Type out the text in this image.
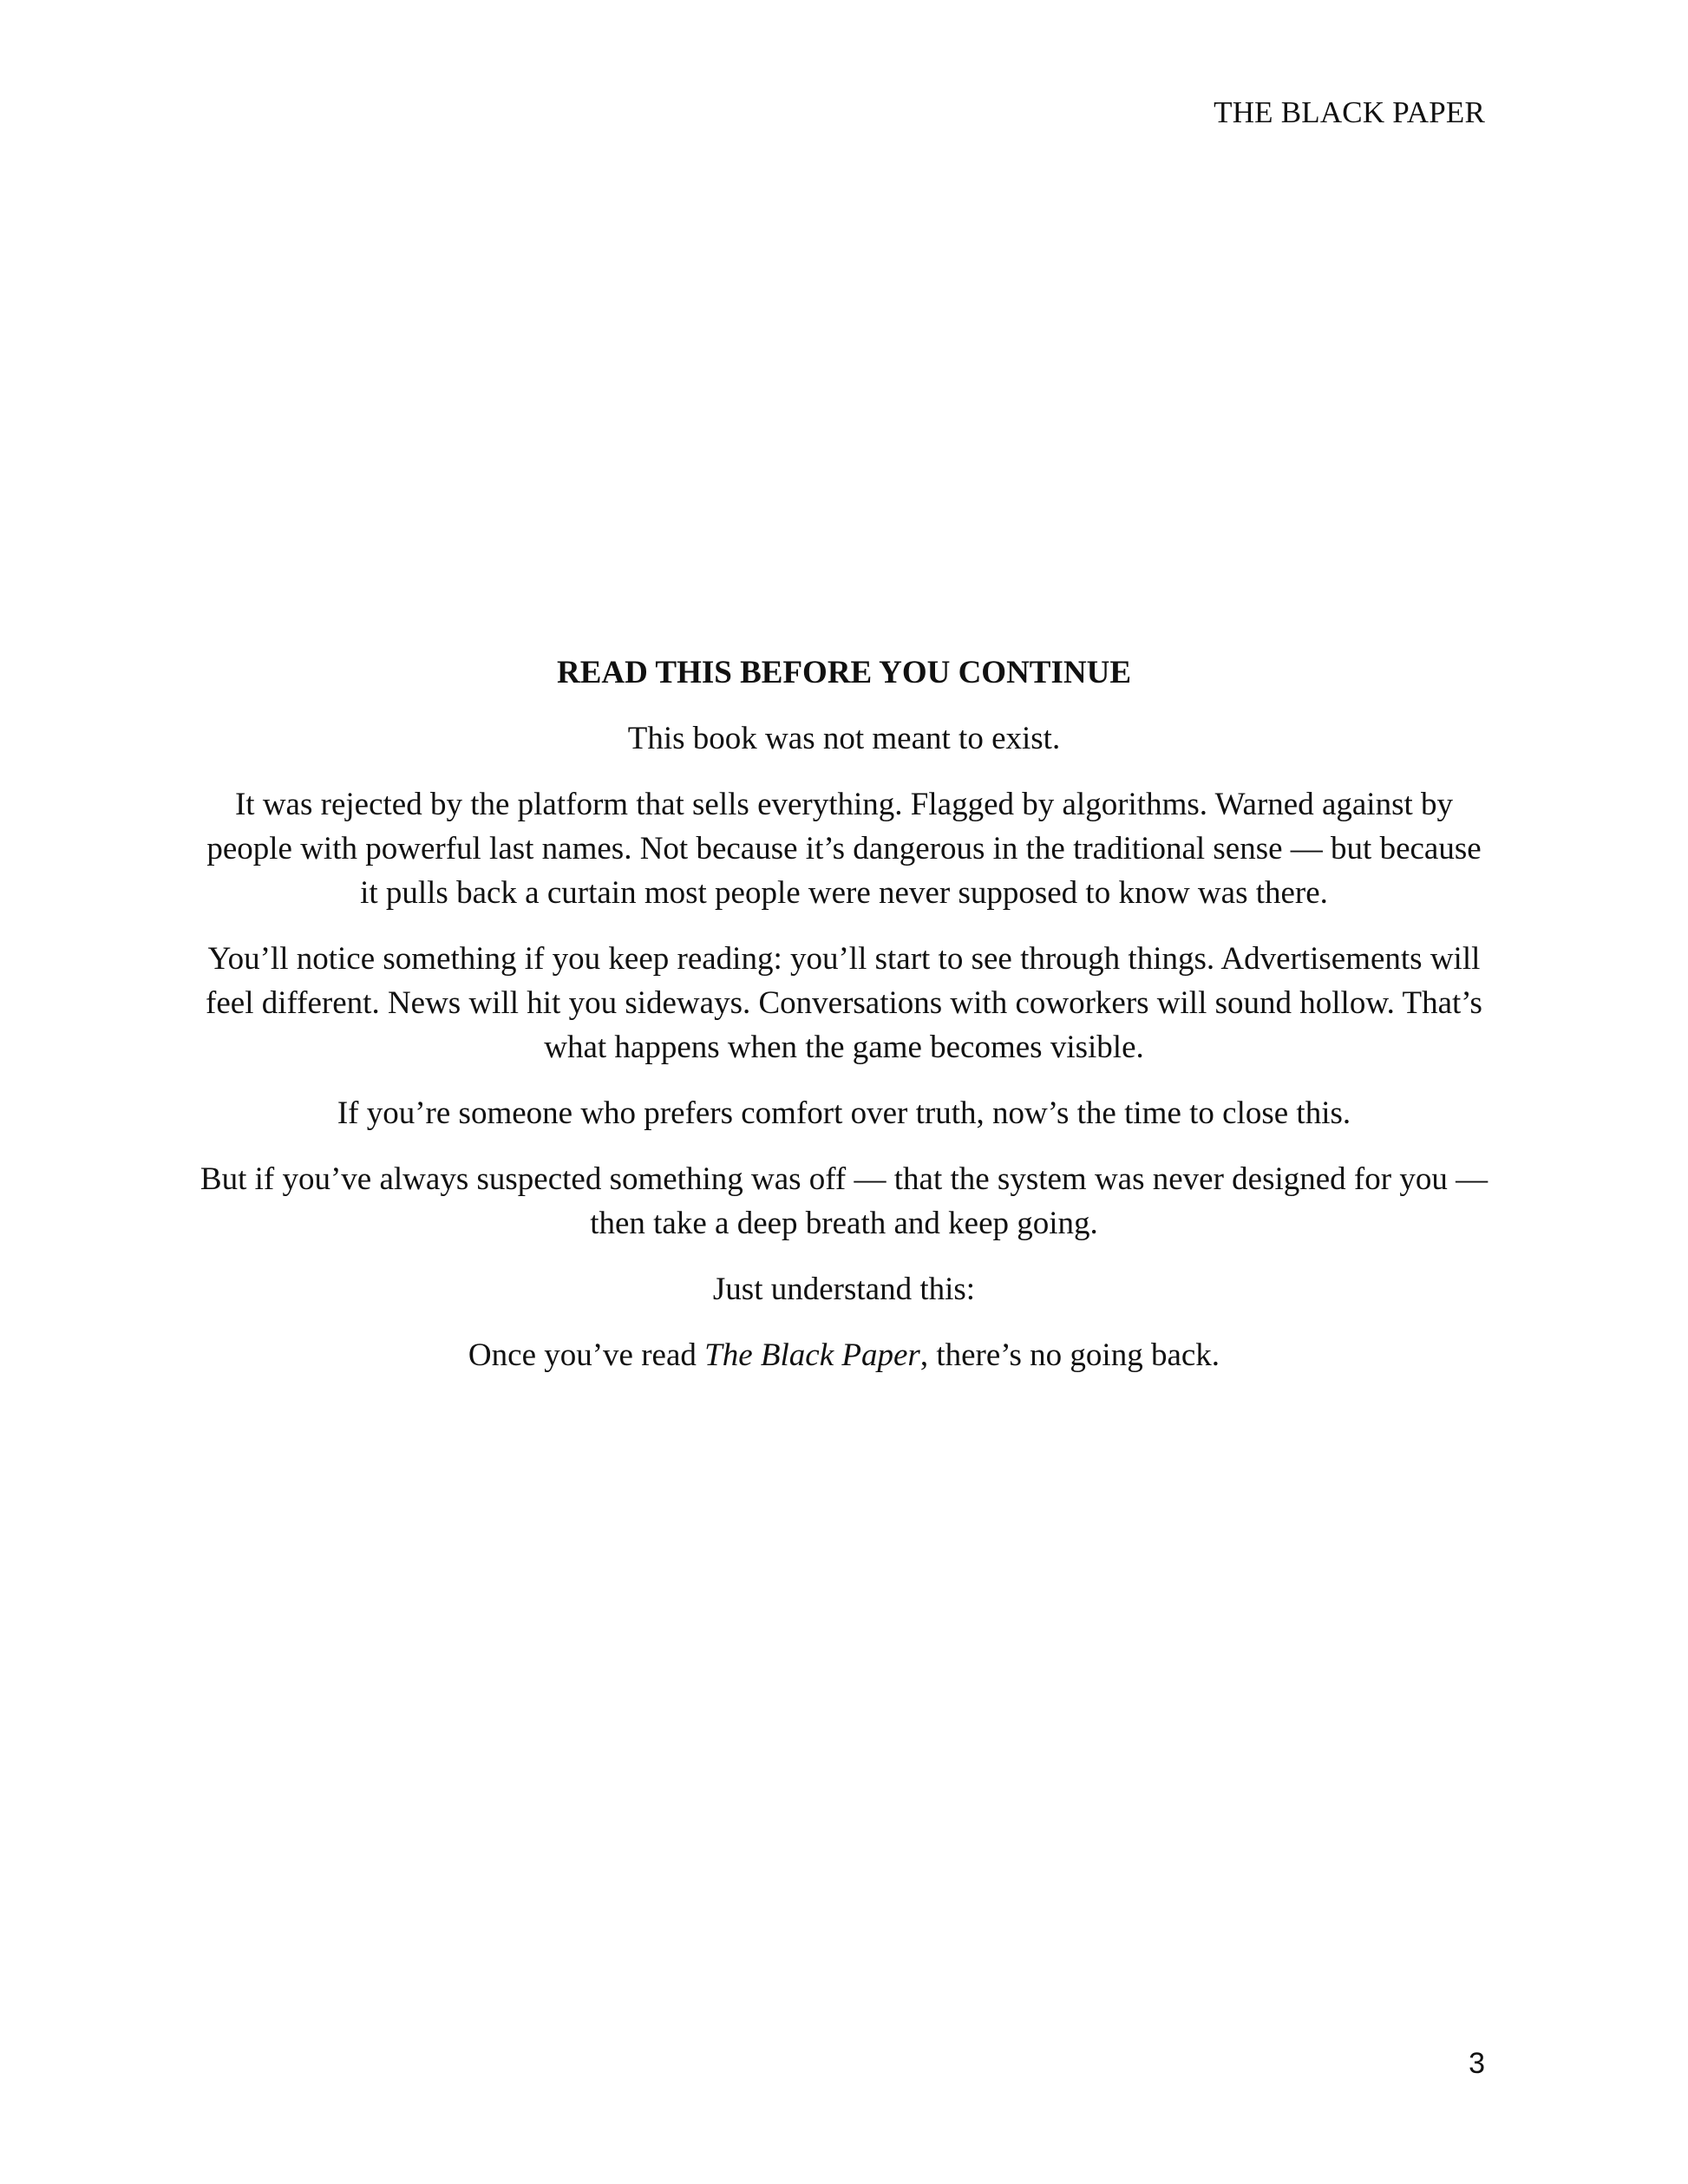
THE BLACK PAPER
READ THIS BEFORE YOU CONTINUE

This book was not meant to exist.

It was rejected by the platform that sells everything. Flagged by algorithms. Warned against by people with powerful last names. Not because it’s dangerous in the traditional sense — but because it pulls back a curtain most people were never supposed to know was there.

You’ll notice something if you keep reading: you’ll start to see through things. Advertisements will feel different. News will hit you sideways. Conversations with coworkers will sound hollow. That’s what happens when the game becomes visible.

If you’re someone who prefers comfort over truth, now’s the time to close this.

But if you’ve always suspected something was off — that the system was never designed for you — then take a deep breath and keep going.

Just understand this:

Once you’ve read The Black Paper, there’s no going back.

3
